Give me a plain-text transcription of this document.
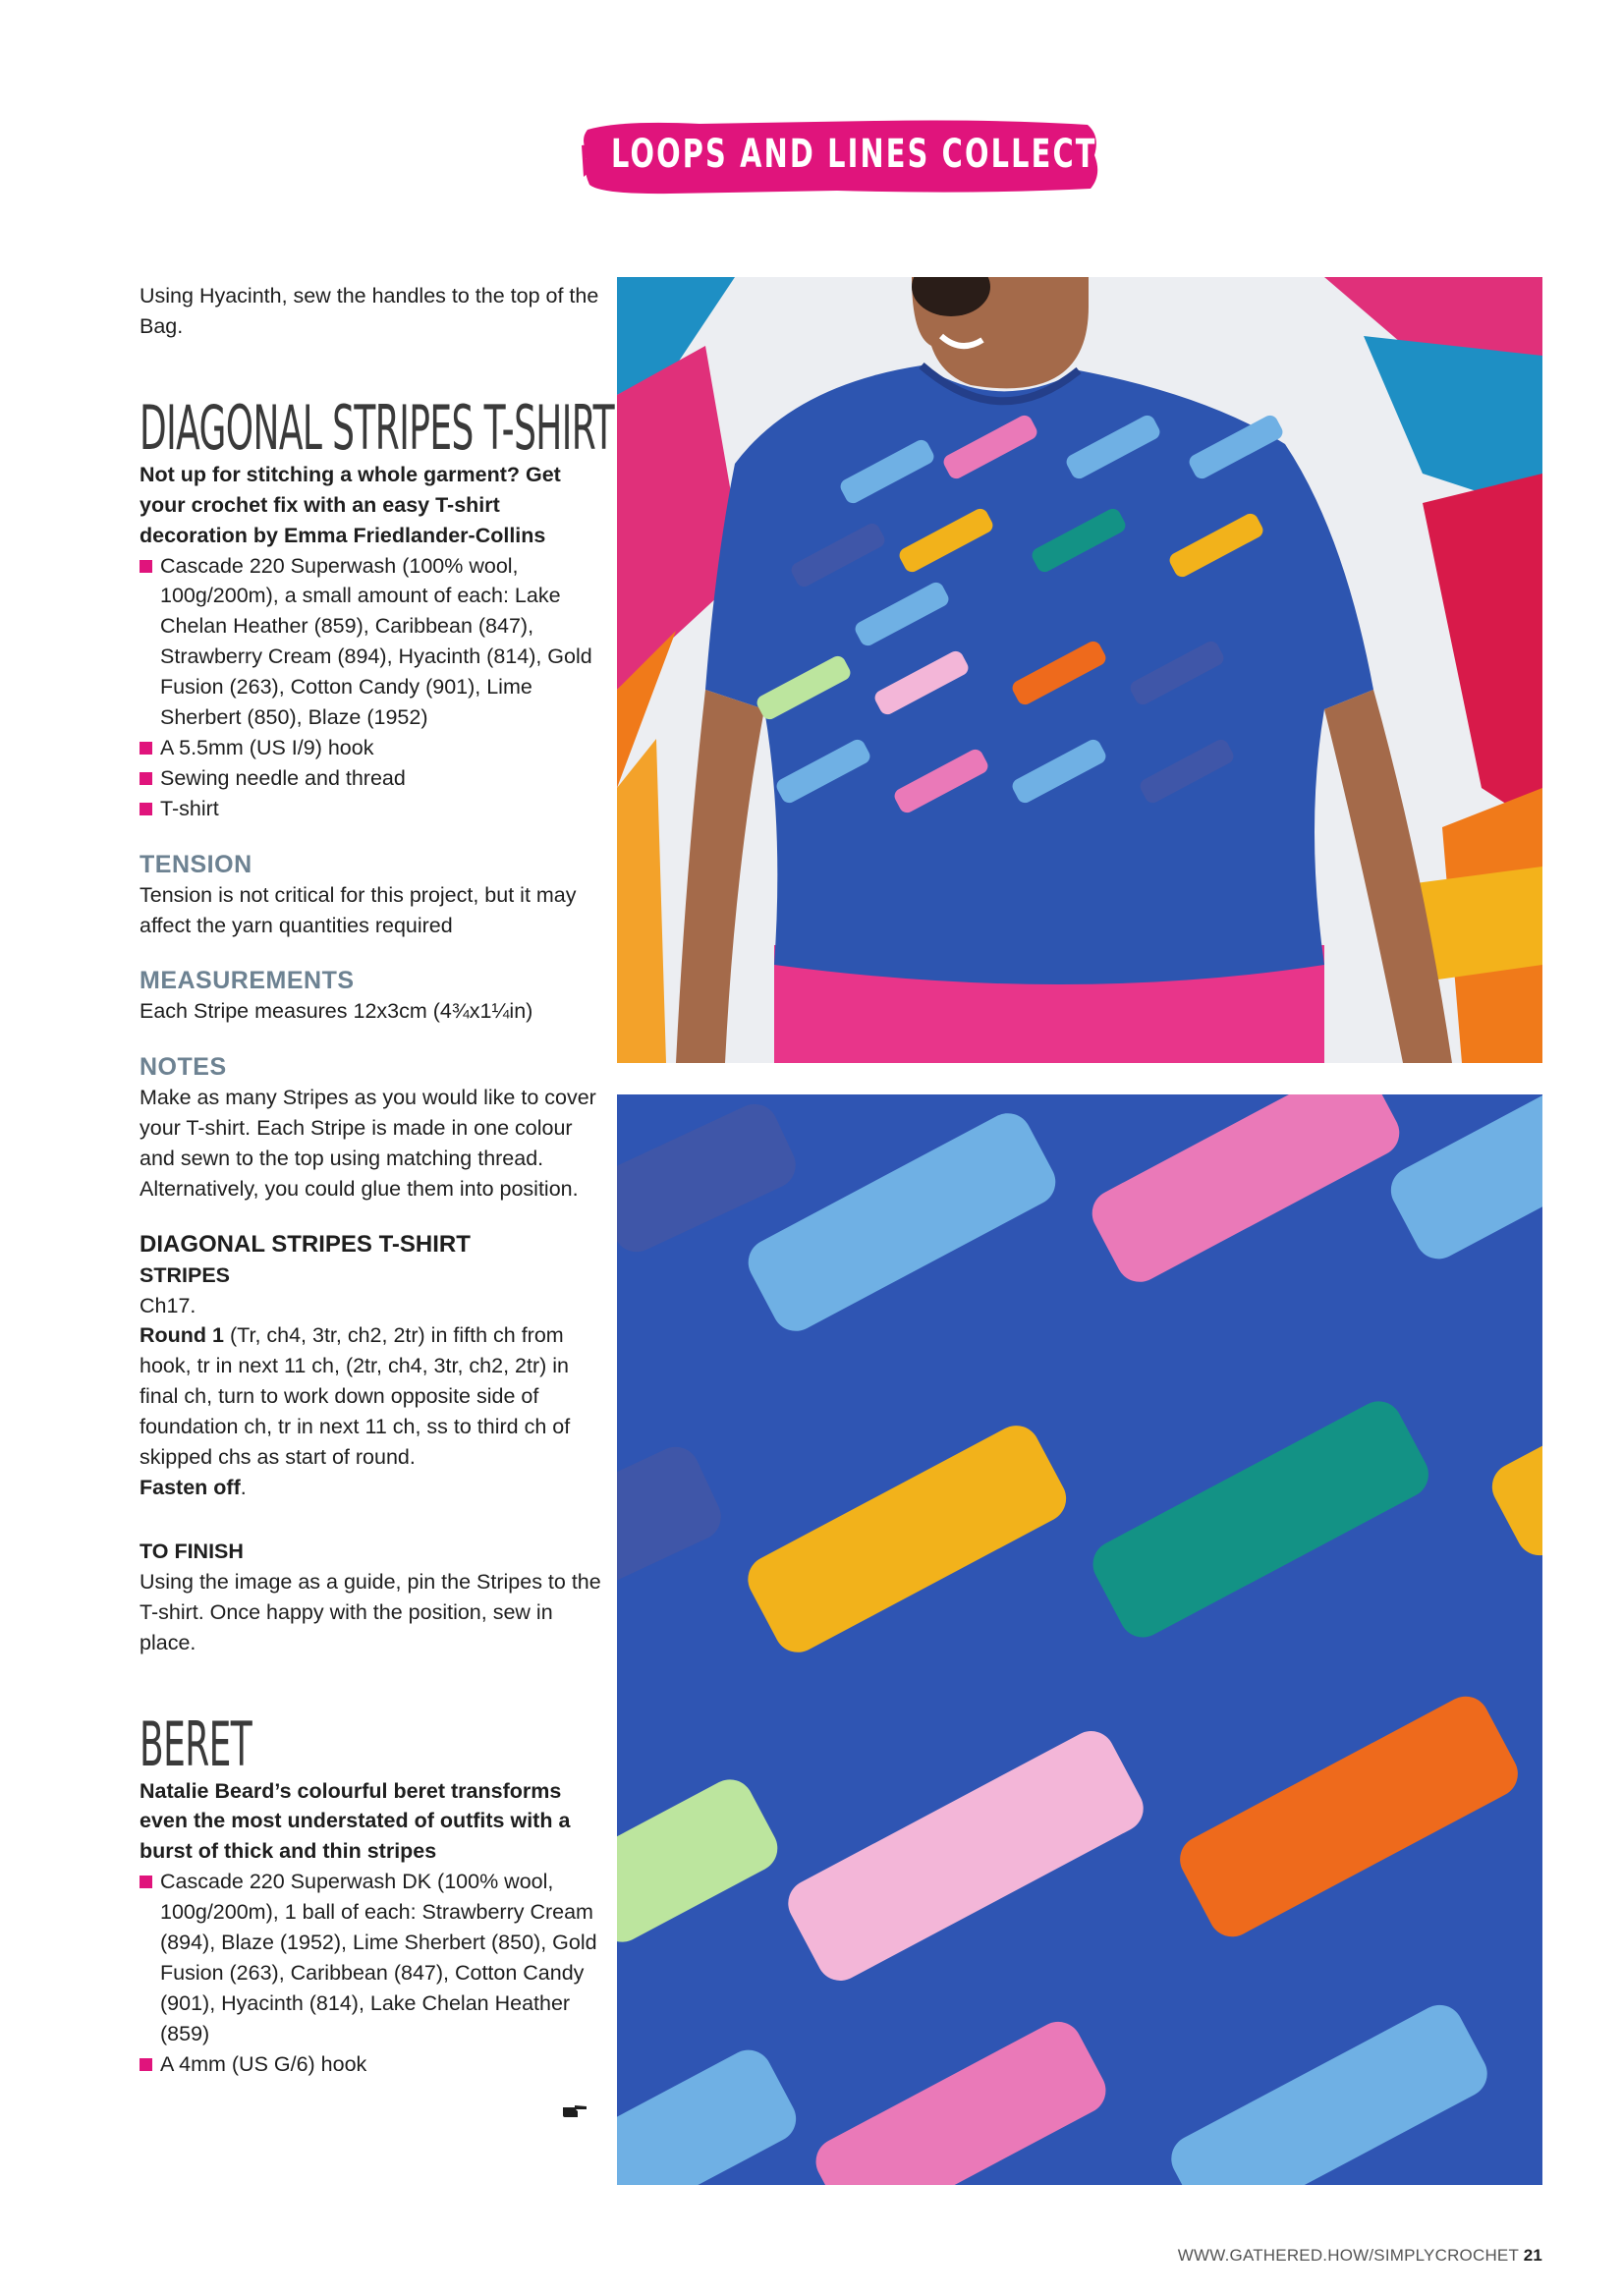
LOOPS AND LINES COLLECTION

Using Hyacinth, sew the handles to the top of the Bag.

DIAGONAL STRIPES T-SHIRT

Not up for stitching a whole garment? Get your crochet fix with an easy T-shirt decoration by Emma Friedlander-Collins

Cascade 220 Superwash (100% wool, 100g/200m), a small amount of each: Lake Chelan Heather (859), Caribbean (847), Strawberry Cream (894), Hyacinth (814), Gold Fusion (263), Cotton Candy (901), Lime Sherbert (850), Blaze (1952)
A 5.5mm (US I/9) hook
Sewing needle and thread
T-shirt
TENSION

Tension is not critical for this project, but it may affect the yarn quantities required

MEASUREMENTS

Each Stripe measures 12x3cm (4¾x1¼in)

NOTES

Make as many Stripes as you would like to cover your T-shirt. Each Stripe is made in one colour and sewn to the top using matching thread. Alternatively, you could glue them into position.

DIAGONAL STRIPES T-SHIRT

STRIPES

Ch17.

Round 1 (Tr, ch4, 3tr, ch2, 2tr) in fifth ch from hook, tr in next 11 ch, (2tr, ch4, 3tr, ch2, 2tr) in final ch, turn to work down opposite side of foundation ch, tr in next 11 ch, ss to third ch of skipped chs as start of round.

Fasten off.

TO FINISH

Using the image as a guide, pin the Stripes to the T-shirt. Once happy with the position, sew in place.

BERET

Natalie Beard’s colourful beret transforms even the most understated of outfits with a burst of thick and thin stripes

Cascade 220 Superwash DK (100% wool, 100g/200m), 1 ball of each: Strawberry Cream (894), Blaze (1952), Lime Sherbert (850), Gold Fusion (263), Caribbean (847), Cotton Candy (901), Hyacinth (814), Lake Chelan Heather (859)
A 4mm (US G/6) hook
WWW.GATHERED.HOW/SIMPLYCROCHET 21
